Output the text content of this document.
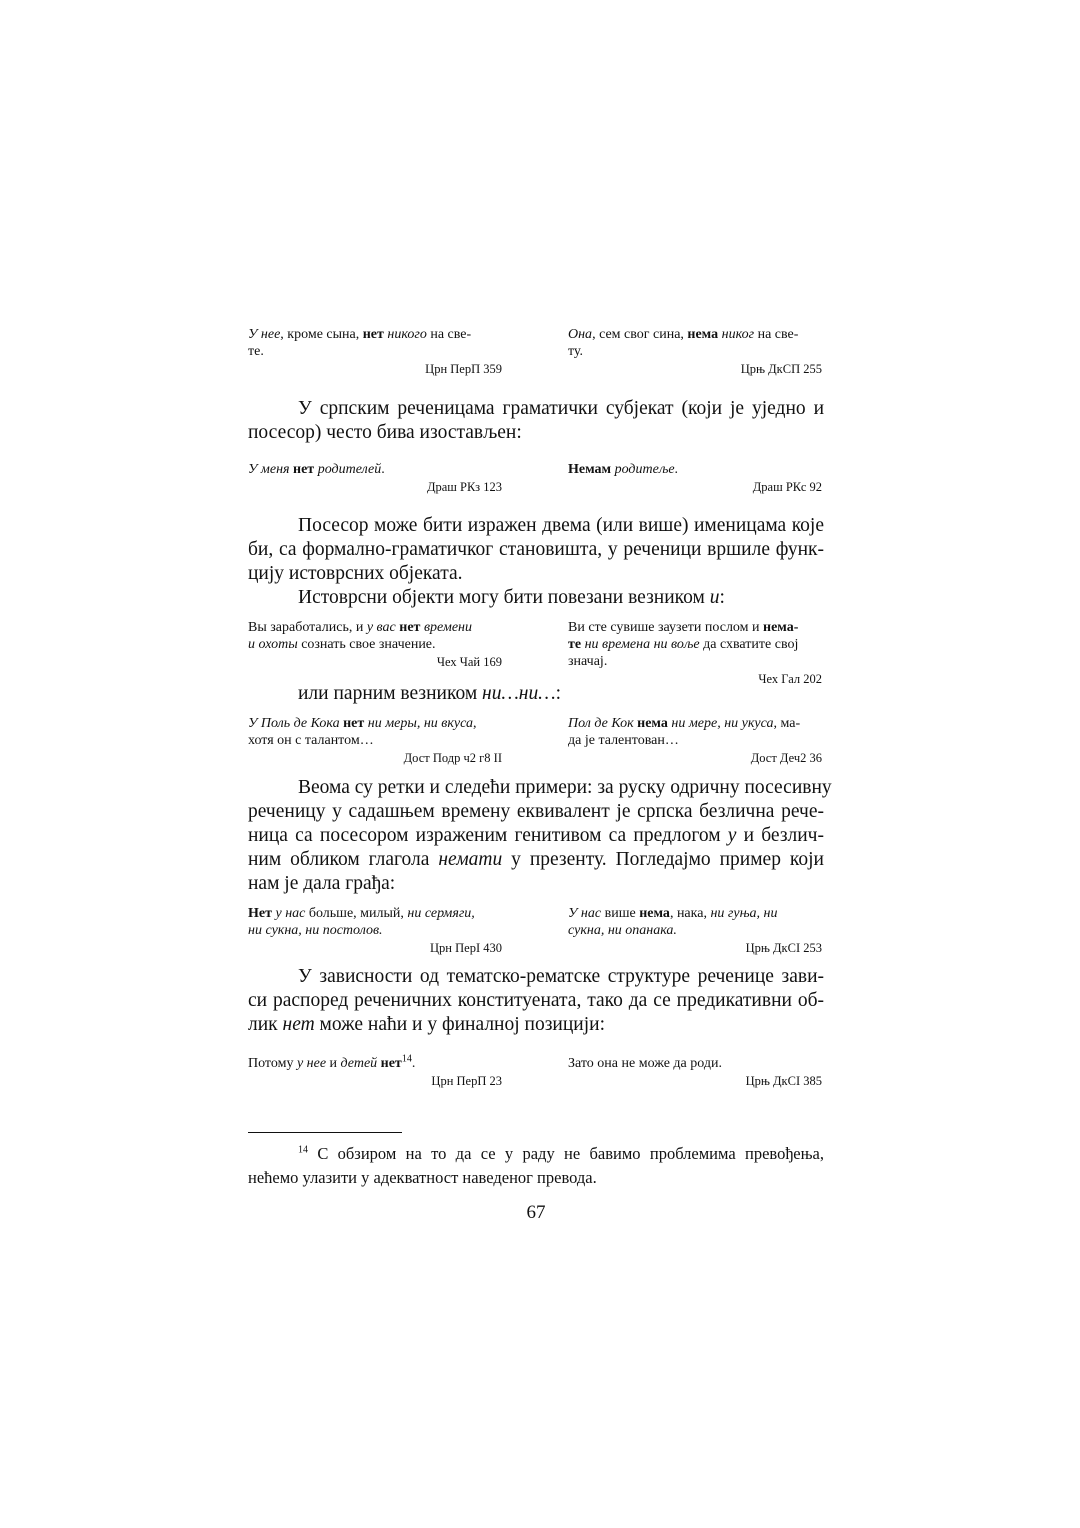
У нее, кроме сына, нет никого на све-
те.
Црн ПерП 359
Она, сем свог сина, нема никог на све-
ту.
Црњ ДкСП 255
У српским реченицама граматички субјекат (који је уједно и
посесор) често бива изостављен:
У меня нет родителей.
Драш РКз 123
Немам родитеље.
Драш РКс 92
Посесор може бити изражен двема (или више) именицама које
би, са формално-граматичког становишта, у реченици вршиле функ-
цију истоврсних објеката.
Истоврсни објекти могу бити повезани везником и:
Вы заработались, и у вас нет времени
и охоты сознать свое значение.
Чех Чай 169
Ви сте сувише заузети послом и нема-
те ни времена ни воље да схватите свој
значај.
Чех Гал 202
или парним везником ни…ни…:
У Поль де Кока нет ни меры, ни вкуса,
хотя он с талантом…
Дост Подр ч2 г8 II
Пол де Кок нема ни мере, ни укуса, ма-
да је талентован…
Дост Деч2 36
Веома су ретки и следећи примери: за руску одричну посесивну
реченицу у садашњем времену еквивалент је српска безлична рече-
ница са посесором израженим генитивом са предлогом у и безлич-
ним обликом глагола немати у презенту. Погледајмо пример који
нам је дала грађа:
Нет у нас больше, милый, ни сермяги,
ни сукна, ни постолов.
Црн ПерI 430
У нас више нема, нака, ни гуња, ни
сукна, ни опанака.
Црњ ДкСI 253
У зависности од тематско-рематске структуре реченице зави-
си распоред реченичних конституената, тако да се предикативни об-
лик нет може наћи и у финалној позицији:
Потому у нее и детей нет$^{14}$.
Црн ПерП 23
Зато она не може да роди.
Црњ ДкСI 385
$^{14}$ С обзиром на то да се у раду не бавимо проблемима превођења,
нећемо улазити у адекватност наведеног превода.
67
